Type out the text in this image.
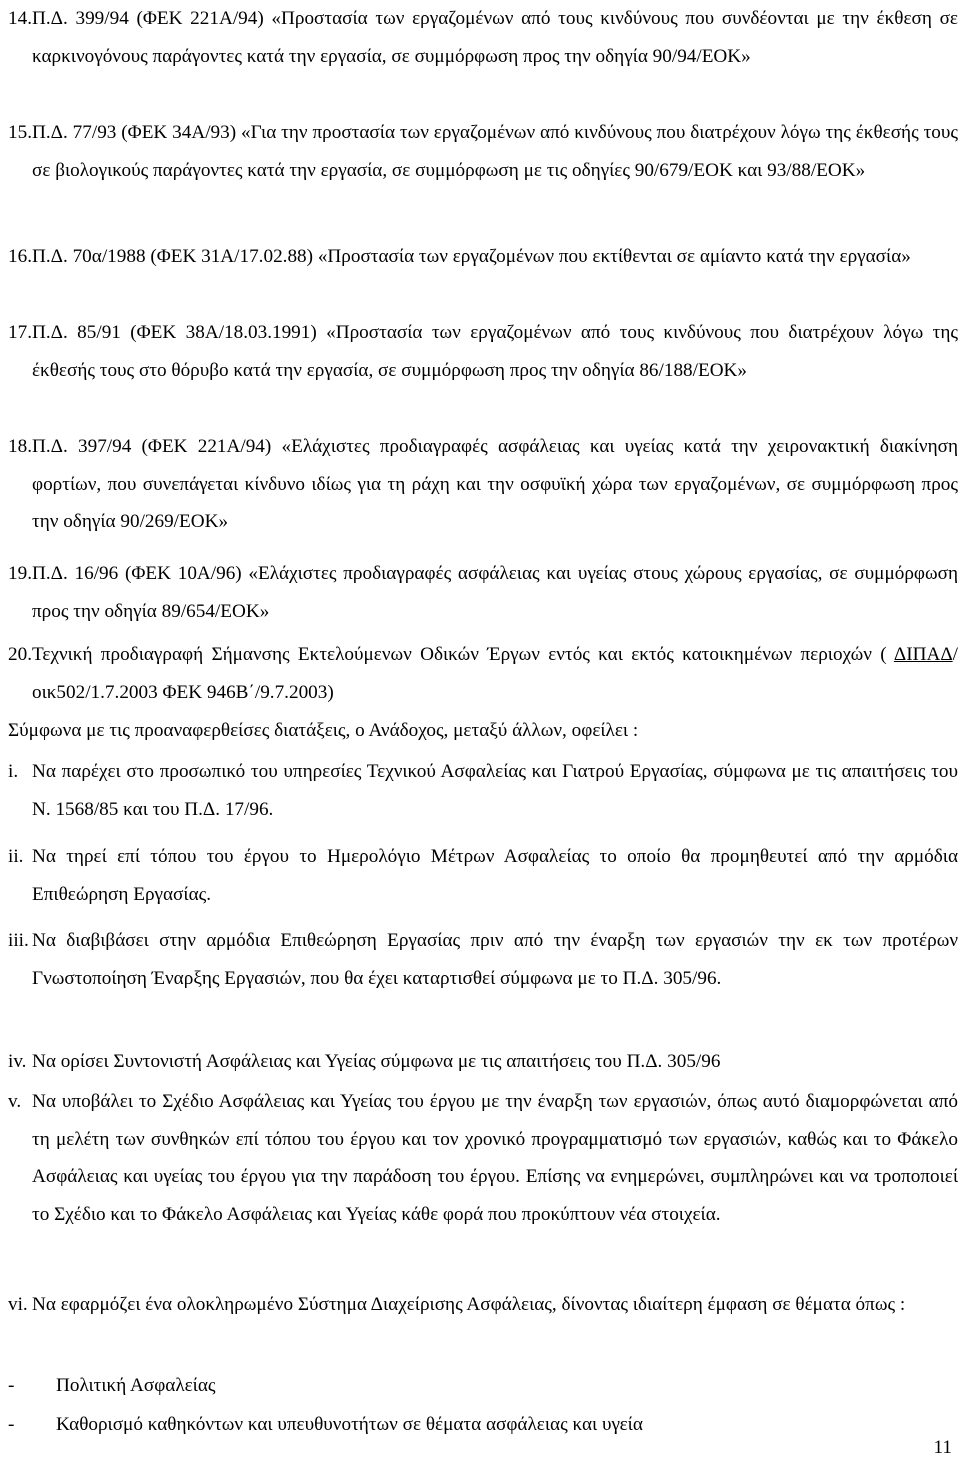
14. Π.Δ. 399/94 (ΦΕΚ 221Α/94) «Προστασία των εργαζομένων από τους κινδύνους που συνδέονται με την έκθεση σε καρκινογόνους παράγοντες κατά την εργασία, σε συμμόρφωση προς την οδηγία 90/94/ΕΟΚ»
15. Π.Δ. 77/93 (ΦΕΚ 34Α/93) «Για την προστασία των εργαζομένων από κινδύνους που διατρέχουν λόγω της έκθεσής τους σε βιολογικούς παράγοντες κατά την εργασία, σε συμμόρφωση με τις οδηγίες 90/679/ΕΟΚ και 93/88/ΕΟΚ»
16. Π.Δ. 70α/1988 (ΦΕΚ 31Α/17.02.88) «Προστασία των εργαζομένων που εκτίθενται σε αμίαντο κατά την εργασία»
17. Π.Δ. 85/91 (ΦΕΚ 38Α/18.03.1991) «Προστασία των εργαζομένων από τους κινδύνους που διατρέχουν λόγω της έκθεσής τους στο θόρυβο κατά την εργασία, σε συμμόρφωση προς την οδηγία 86/188/ΕΟΚ»
18. Π.Δ. 397/94 (ΦΕΚ 221Α/94) «Ελάχιστες προδιαγραφές ασφάλειας και υγείας κατά την χειρονακτική διακίνηση φορτίων, που συνεπάγεται κίνδυνο ιδίως για τη ράχη και την οσφυϊκή χώρα των εργαζομένων, σε συμμόρφωση προς την οδηγία 90/269/ΕΟΚ»
19. Π.Δ. 16/96 (ΦΕΚ 10Α/96) «Ελάχιστες προδιαγραφές ασφάλειας και υγείας στους χώρους εργασίας, σε συμμόρφωση προς την οδηγία 89/654/ΕΟΚ»
20. Τεχνική προδιαγραφή Σήμανσης Εκτελούμενων Οδικών Έργων εντός και εκτός κατοικημένων περιοχών ( ΔΙΠΑΔ/οικ502/1.7.2003 ΦΕΚ 946Β΄/9.7.2003)
Σύμφωνα με τις προαναφερθείσες διατάξεις, ο Ανάδοχος, μεταξύ άλλων, οφείλει :
i. Να παρέχει στο προσωπικό του υπηρεσίες Τεχνικού Ασφαλείας και Γιατρού Εργασίας, σύμφωνα με τις απαιτήσεις του Ν. 1568/85 και του Π.Δ. 17/96.
ii. Να τηρεί επί τόπου του έργου το Ημερολόγιο Μέτρων Ασφαλείας το οποίο θα προμηθευτεί από την αρμόδια Επιθεώρηση Εργασίας.
iii. Να διαβιβάσει στην αρμόδια Επιθεώρηση Εργασίας πριν από την έναρξη των εργασιών την εκ των προτέρων Γνωστοποίηση Έναρξης Εργασιών, που θα έχει καταρτισθεί σύμφωνα με το Π.Δ. 305/96.
iv. Να ορίσει Συντονιστή Ασφάλειας και Υγείας σύμφωνα με τις απαιτήσεις του Π.Δ. 305/96
v. Να υποβάλει το Σχέδιο Ασφάλειας και Υγείας του έργου με την έναρξη των εργασιών, όπως αυτό διαμορφώνεται από τη μελέτη των συνθηκών επί τόπου του έργου και τον χρονικό προγραμματισμό των εργασιών, καθώς και το Φάκελο Ασφάλειας και υγείας του έργου για την παράδοση του έργου. Επίσης να ενημερώνει, συμπληρώνει και να τροποποιεί το Σχέδιο και το Φάκελο Ασφάλειας και Υγείας κάθε φορά που προκύπτουν νέα στοιχεία.
vi. Να εφαρμόζει ένα ολοκληρωμένο Σύστημα Διαχείρισης Ασφάλειας, δίνοντας ιδιαίτερη έμφαση σε θέματα όπως :
-	Πολιτική Ασφαλείας
-	Καθορισμό καθηκόντων και υπευθυνοτήτων σε θέματα ασφάλειας και υγεία
11
